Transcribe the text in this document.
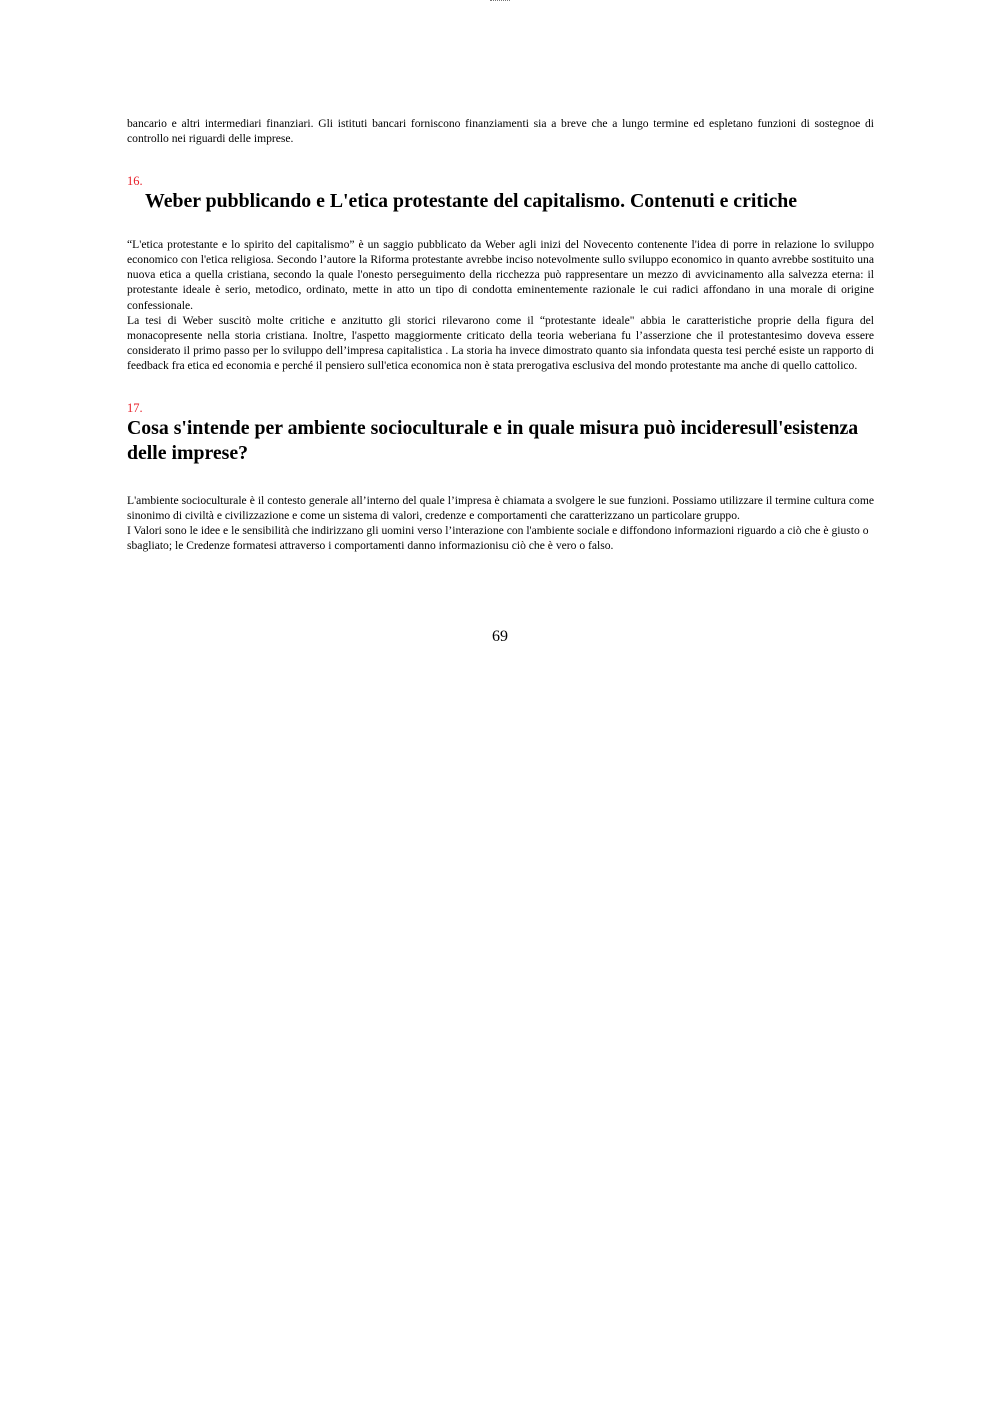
bancario e altri intermediari finanziari. Gli istituti bancari forniscono finanziamenti sia a breve che a lungo termine ed espletano funzioni di sostegnoe di controllo nei riguardi delle imprese.

16.
Weber pubblicando e L'etica protestante del capitalismo. Contenuti e critiche

“L'etica protestante e lo spirito del capitalismo” è un saggio pubblicato da Weber agli inizi del Novecento contenente l'idea di porre in relazione lo sviluppo economico con l'etica religiosa. Secondo l’autore la Riforma protestante avrebbe inciso notevolmente sullo sviluppo economico in quanto avrebbe sostituito una nuova etica a quella cristiana, secondo la quale l'onesto perseguimento della ricchezza può rappresentare un mezzo di avvicinamento alla salvezza eterna: il protestante ideale è serio, metodico, ordinato, mette in atto un tipo di condotta eminentemente razionale le cui radici affondano in una morale di origine confessionale.

La tesi di Weber suscitò molte critiche e anzitutto gli storici rilevarono come il “protestante ideale" abbia le caratteristiche proprie della figura del monacopresente nella storia cristiana. Inoltre, l'aspetto maggiormente criticato della teoria weberiana fu l’asserzione che il protestantesimo doveva essere considerato il primo passo per lo sviluppo dell’impresa capitalistica . La storia ha invece dimostrato quanto sia infondata questa tesi perché esiste un rapporto di feedback fra etica ed economia e perché il pensiero sull'etica economica non è stata prerogativa esclusiva del mondo protestante ma anche di quello cattolico.

17.
Cosa s'intende per ambiente socioculturale e in quale misura può incideresull'esistenza delle imprese?

L'ambiente socioculturale è il contesto generale all’interno del quale l’impresa è chiamata a svolgere le sue funzioni. Possiamo utilizzare il termine cultura come sinonimo di civiltà e civilizzazione e come un sistema di valori, credenze e comportamenti che caratterizzano un particolare gruppo.

I Valori sono le idee e le sensibilità che indirizzano gli uomini verso l’interazione con l'ambiente sociale e diffondono informazioni riguardo a ciò che è giusto o sbagliato; le Credenze formatesi attraverso i comportamenti danno informazionisu ciò che è vero o falso.

69
